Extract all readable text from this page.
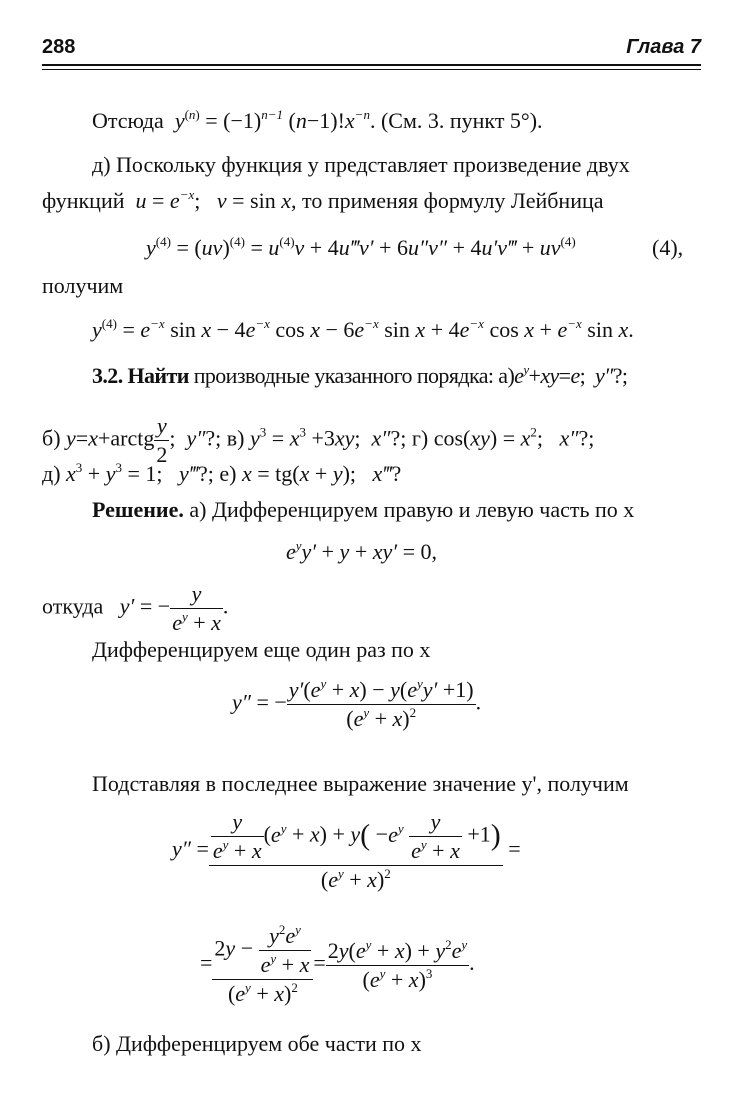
288	Глава 7
Отсюда $y^{(n)} = (-1)^{n-1}$ $(n-1)!x^{-n}$. (См. 3. пункт 5°).
д) Поскольку функция y представляет произведение двух
функций $u = e^{-x}$;   v = sin x, то применяя формулу Лейбница
$y^{(4)} = (uv)^{(4)} = u^{(4)}v$ + 4u‴v′ + 6u″v″ + 4u′v‴ + $uv^{(4)}$	(4),
получим
$y^{(4)} = e^{-x}$ $\sin x - 4e^{-x}$ $\cos x - 6e^{-x}$ $\sin x + 4e^{-x}$ $\cos x + e^{-x}$ sin x.
3.2. Найти производные указанного порядка: $а)e^y+xy=e$;  y″?;
б) y=x+arctg $\frac{y}{2}$ ;  y″?; в) $y^3 = x^3 +3xy$;  x″?; г) $\cos(xy) = x^2$;   x″?;
д) $x^3 + y^3 = 1$;   y‴?; е) x = tg(x + y);   x‴?
Решение. а) Дифференцируем правую и левую часть по x
$e^yy' + y + xy' = 0$,
откуда y′ = − $\frac{y}{e^y + x}$ .
Дифференцируем еще один раз по x
y″ = −
$y'(e^y + x) - y(e^yy' +1)$
$(e^y + x)^2$	.
Подставляя в последнее выражение значение y', получим
$y'' = \frac{y}{e^y + x} (e^y + x) + y( -e^y \frac{y}{e^y + x} +1)$
$(e^y + x)^2$
=
=
$2y - \frac{y^2e^y}{e^y + x}$
$(e^y + x)^2$
= $\frac{2y(e^y + x) + y^2e^y}{(e^y + x)^3}$ .
б) Дифференцируем обе части по x
